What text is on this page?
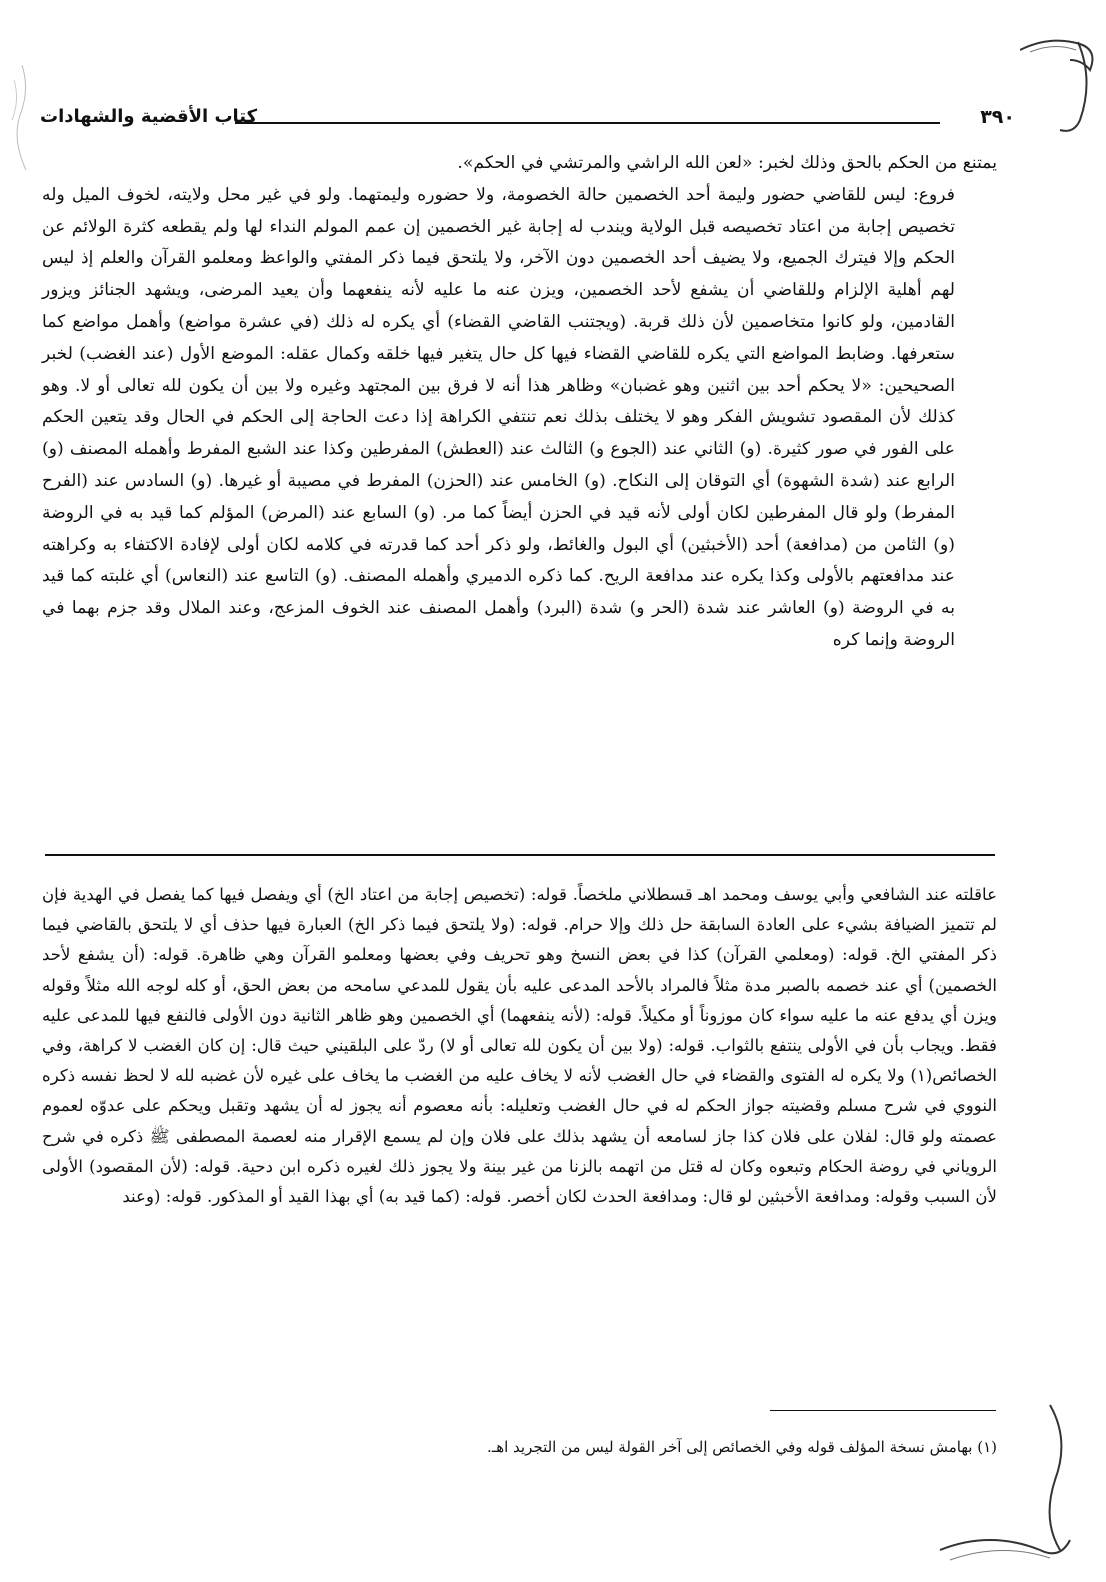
٣٩٠
كتاب الأقضية والشهادات

يمتنع من الحكم بالحق وذلك لخبر: «لعن الله الراشي والمرتشي في الحكم».

فروع: ليس للقاضي حضور وليمة أحد الخصمين حالة الخصومة، ولا حضوره وليمتهما. ولو في غير محل ولايته، لخوف الميل وله تخصيص إجابة من اعتاد تخصيصه قبل الولاية ويندب له إجابة غير الخصمين إن عمم المولم النداء لها ولم يقطعه كثرة الولائم عن الحكم وإلا فيترك الجميع، ولا يضيف أحد الخصمين دون الآخر، ولا يلتحق فيما ذكر المفتي والواعظ ومعلمو القرآن والعلم إذ ليس لهم أهلية الإلزام وللقاضي أن يشفع لأحد الخصمين، ويزن عنه ما عليه لأنه ينفعهما وأن يعيد المرضى، ويشهد الجنائز ويزور القادمين، ولو كانوا متخاصمين لأن ذلك قربة. (ويجتنب القاضي القضاء) أي يكره له ذلك (في عشرة مواضع) وأهمل مواضع كما ستعرفها. وضابط المواضع التي يكره للقاضي القضاء فيها كل حال يتغير فيها خلقه وكمال عقله: الموضع الأول (عند الغضب) لخبر الصحيحين: «لا يحكم أحد بين اثنين وهو غضبان» وظاهر هذا أنه لا فرق بين المجتهد وغيره ولا بين أن يكون لله تعالى أو لا. وهو كذلك لأن المقصود تشويش الفكر وهو لا يختلف بذلك نعم تنتفي الكراهة إذا دعت الحاجة إلى الحكم في الحال وقد يتعين الحكم على الفور في صور كثيرة. (و) الثاني عند (الجوع و) الثالث عند (العطش) المفرطين وكذا عند الشبع المفرط وأهمله المصنف (و) الرابع عند (شدة الشهوة) أي التوقان إلى النكاح. (و) الخامس عند (الحزن) المفرط في مصيبة أو غيرها. (و) السادس عند (الفرح المفرط) ولو قال المفرطين لكان أولى لأنه قيد في الحزن أيضاً كما مر. (و) السابع عند (المرض) المؤلم كما قيد به في الروضة (و) الثامن من (مدافعة) أحد (الأخبثين) أي البول والغائط، ولو ذكر أحد كما قدرته في كلامه لكان أولى لإفادة الاكتفاء به وكراهته عند مدافعتهم بالأولى وكذا يكره عند مدافعة الريح. كما ذكره الدميري وأهمله المصنف. (و) التاسع عند (النعاس) أي غلبته كما قيد به في الروضة (و) العاشر عند شدة (الحر و) شدة (البرد) وأهمل المصنف عند الخوف المزعج، وعند الملال وقد جزم بهما في الروضة وإنما كره

عاقلته عند الشافعي وأبي يوسف ومحمد اهـ قسطلاني ملخصاً. قوله: (تخصيص إجابة من اعتاد الخ) أي ويفصل فيها كما يفصل في الهدية فإن لم تتميز الضيافة بشيء على العادة السابقة حل ذلك وإلا حرام. قوله: (ولا يلتحق فيما ذكر الخ) العبارة فيها حذف أي لا يلتحق بالقاضي فيما ذكر المفتي الخ. قوله: (ومعلمي القرآن) كذا في بعض النسخ وهو تحريف وفي بعضها ومعلمو القرآن وهي ظاهرة. قوله: (أن يشفع لأحد الخصمين) أي عند خصمه بالصبر مدة مثلاً فالمراد بالأحد المدعى عليه بأن يقول للمدعي سامحه من بعض الحق، أو كله لوجه الله مثلاً وقوله ويزن أي يدفع عنه ما عليه سواء كان موزوناً أو مكيلاً. قوله: (لأنه ينفعهما) أي الخصمين وهو ظاهر الثانية دون الأولى فالنفع فيها للمدعى عليه فقط. ويجاب بأن في الأولى ينتفع بالثواب. قوله: (ولا بين أن يكون لله تعالى أو لا) ردّ على البلقيني حيث قال: إن كان الغضب لا كراهة، وفي الخصائص(١) ولا يكره له الفتوى والقضاء في حال الغضب لأنه لا يخاف عليه من الغضب ما يخاف على غيره لأن غضبه لله لا لحظ نفسه ذكره النووي في شرح مسلم وقضيته جواز الحكم له في حال الغضب وتعليله: بأنه معصوم أنه يجوز له أن يشهد وتقبل ويحكم على عدوّه لعموم عصمته ولو قال: لفلان على فلان كذا جاز لسامعه أن يشهد بذلك على فلان وإن لم يسمع الإقرار منه لعصمة المصطفى ﷺ ذكره في شرح الروياني في روضة الحكام وتبعوه وكان له قتل من اتهمه بالزنا من غير بينة ولا يجوز ذلك لغيره ذكره ابن دحية. قوله: (لأن المقصود) الأولى لأن السبب وقوله: ومدافعة الأخبثين لو قال: ومدافعة الحدث لكان أخصر. قوله: (كما قيد به) أي بهذا القيد أو المذكور. قوله: (وعند

(١) بهامش نسخة المؤلف قوله وفي الخصائص إلى آخر القولة ليس من التجريد اهـ.
